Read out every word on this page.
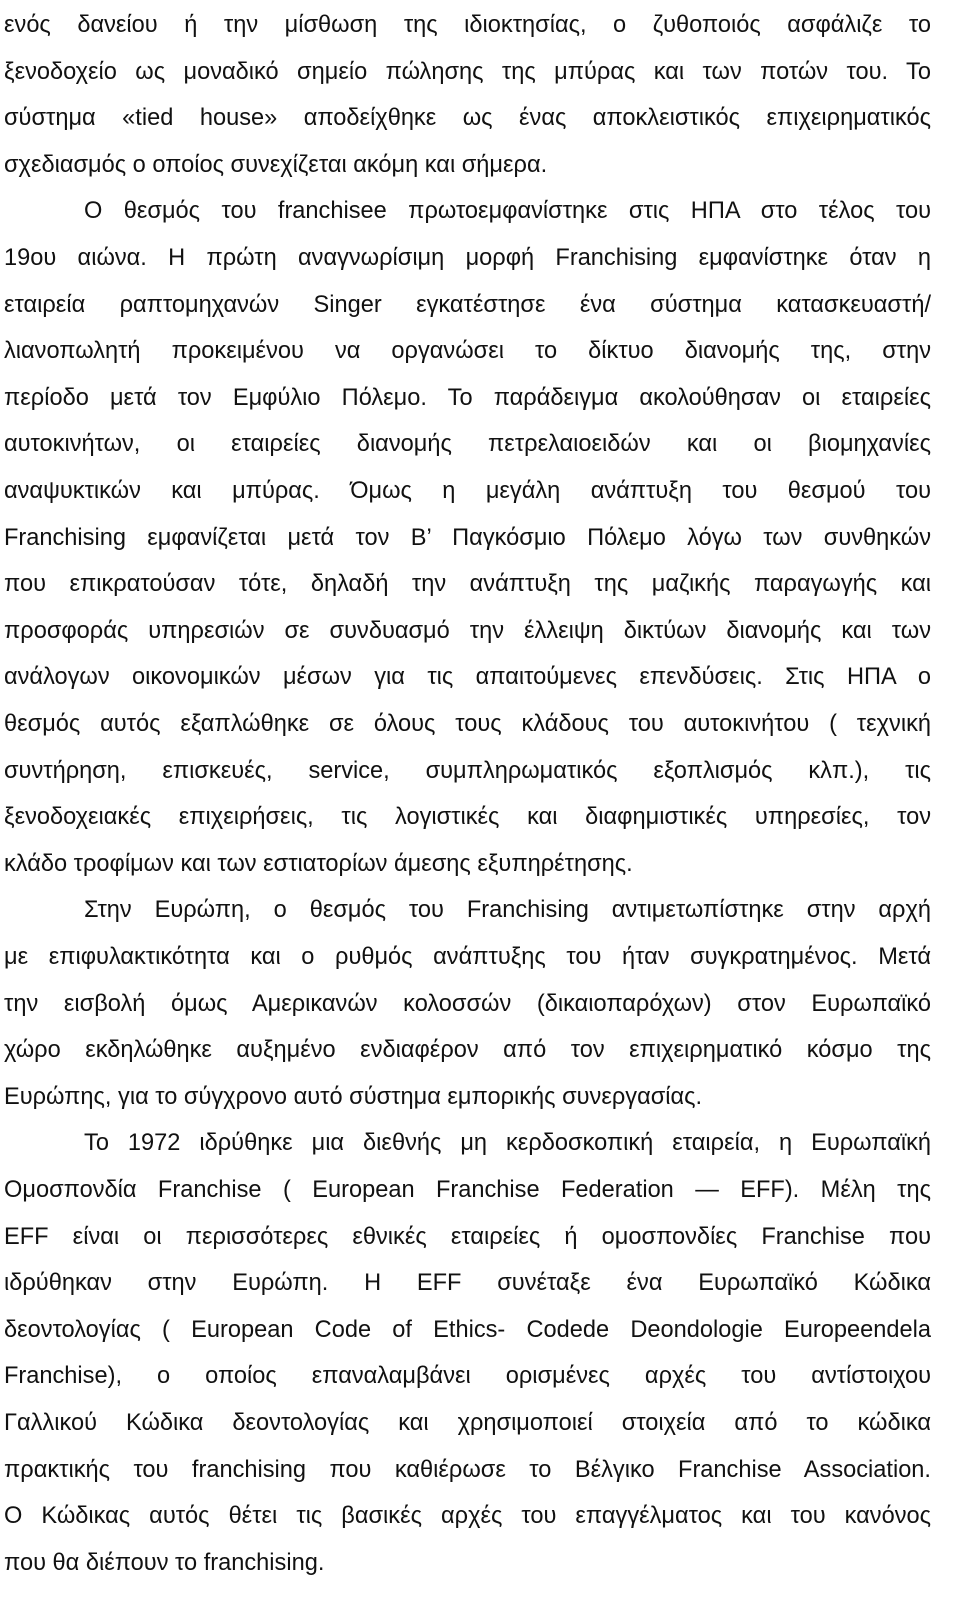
ενός δανείου ή την μίσθωση της ιδιοκτησίας, ο ζυθοποιός ασφάλιζε το
ξενοδοχείο ως μοναδικό σημείο πώλησης της μπύρας και των ποτών του. Το
σύστημα «tied house» αποδείχθηκε ως ένας αποκλειστικός επιχειρηματικός
σχεδιασμός ο οποίος συνεχίζεται ακόμη και σήμερα.
Ο θεσμός του franchisee πρωτοεμφανίστηκε στις ΗΠΑ στο τέλος του
19ου αιώνα. Η πρώτη αναγνωρίσιμη μορφή Franchising εμφανίστηκε όταν η
εταιρεία ραπτομηχανών Singer εγκατέστησε ένα σύστημα κατασκευαστή/
λιανοπωλητή προκειμένου να οργανώσει το δίκτυο διανομής της, στην
περίοδο μετά τον Εμφύλιο Πόλεμο. Το παράδειγμα ακολούθησαν οι εταιρείες
αυτοκινήτων, οι εταιρείες διανομής πετρελαιοειδών και οι βιομηχανίες
αναψυκτικών και μπύρας. Όμως η μεγάλη ανάπτυξη του θεσμού του
Franchising εμφανίζεται μετά τον Β’ Παγκόσμιο Πόλεμο λόγω των συνθηκών
που επικρατούσαν τότε, δηλαδή την ανάπτυξη της μαζικής παραγωγής και
προσφοράς υπηρεσιών σε συνδυασμό την έλλειψη δικτύων διανομής και των
ανάλογων οικονομικών μέσων για τις απαιτούμενες επενδύσεις. Στις ΗΠΑ ο
θεσμός αυτός εξαπλώθηκε σε όλους τους κλάδους του αυτοκινήτου ( τεχνική
συντήρηση, επισκευές, service, συμπληρωματικός εξοπλισμός κλπ.), τις
ξενοδοχειακές επιχειρήσεις, τις λογιστικές και διαφημιστικές υπηρεσίες, τον
κλάδο τροφίμων και των εστιατορίων άμεσης εξυπηρέτησης.
Στην Ευρώπη, ο θεσμός του Franchising αντιμετωπίστηκε στην αρχή
με επιφυλακτικότητα και ο ρυθμός ανάπτυξης του ήταν συγκρατημένος. Μετά
την εισβολή όμως Αμερικανών κολοσσών (δικαιοπαρόχων) στον Ευρωπαϊκό
χώρο εκδηλώθηκε αυξημένο ενδιαφέρον από τον επιχειρηματικό κόσμο της
Ευρώπης, για το σύγχρονο αυτό σύστημα εμπορικής συνεργασίας.
Το 1972 ιδρύθηκε μια διεθνής μη κερδοσκοπική εταιρεία, η Ευρωπαϊκή
Ομοσπονδία Franchise ( European Franchise Federation — EFF). Μέλη της
EFF είναι οι περισσότερες εθνικές εταιρείες ή ομοσπονδίες Franchise που
ιδρύθηκαν στην Ευρώπη. Η EFF συνέταξε ένα Ευρωπαϊκό Κώδικα
δεοντολογίας ( European Code of Ethics- Codede Deondologie Europeendela
Franchise), ο οποίος επαναλαμβάνει ορισμένες αρχές του αντίστοιχου
Γαλλικού Κώδικα δεοντολογίας και χρησιμοποιεί στοιχεία από το κώδικα
πρακτικής του franchising που καθιέρωσε το Βέλγικο Franchise Association.
Ο Κώδικας αυτός θέτει τις βασικές αρχές του επαγγέλματος και του κανόνος
που θα διέπουν το franchising.
